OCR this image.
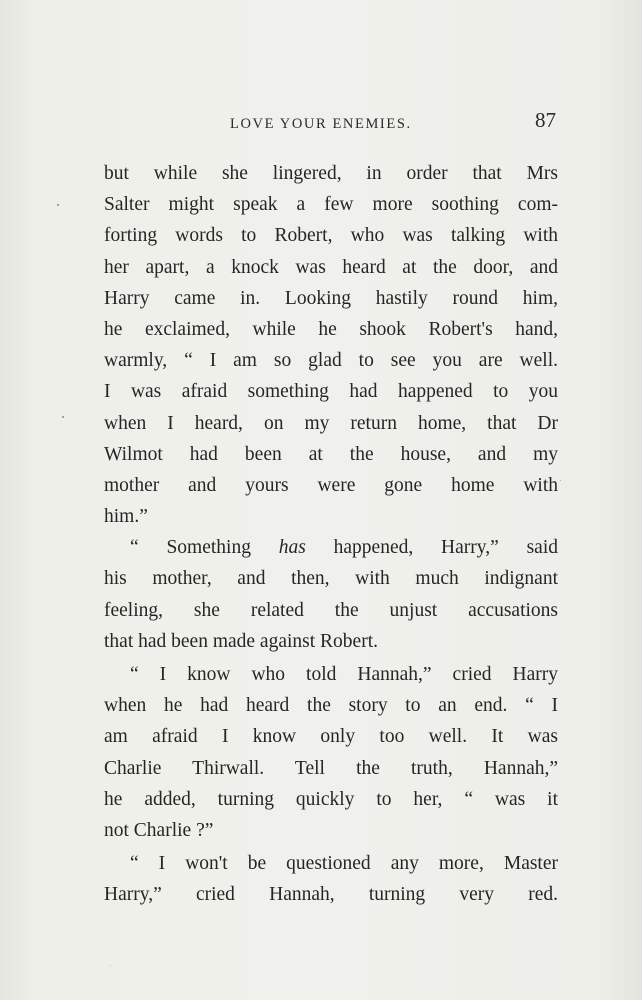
LOVE YOUR ENEMIES.	87
but while she lingered, in order that Mrs
Salter might speak a few more soothing com-
forting words to Robert, who was talking with
her apart, a knock was heard at the door, and
Harry came in. Looking hastily round him,
he exclaimed, while he shook Robert's hand,
warmly, “ I am so glad to see you are well.
I was afraid something had happened to you
when I heard, on my return home, that Dr
Wilmot had been at the house, and my
mother and yours were gone home with
him.”
“ Something has happened, Harry,” said
his mother, and then, with much indignant
feeling, she related the unjust accusations
that had been made against Robert.
“ I know who told Hannah,” cried Harry
when he had heard the story to an end. “ I
am afraid I know only too well. It was
Charlie Thirwall. Tell the truth, Hannah,”
he added, turning quickly to her, “ was it
not Charlie ?”
“ I won't be questioned any more, Master
Harry,” cried Hannah, turning very red.
